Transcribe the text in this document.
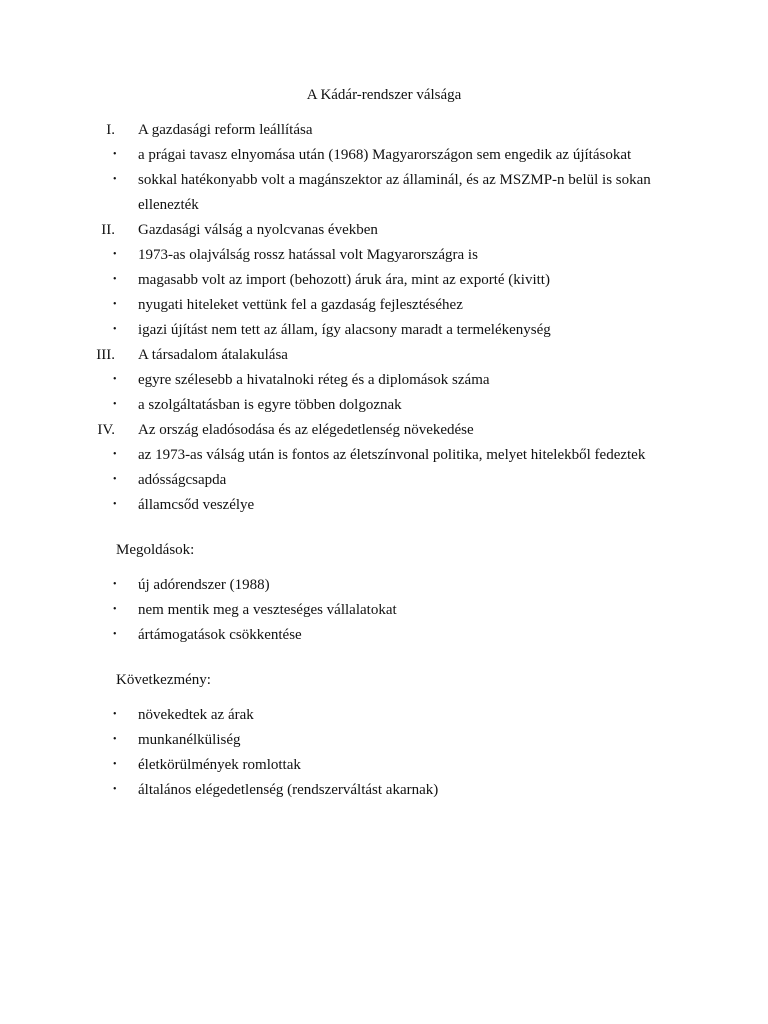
A Kádár-rendszer válsága
I. A gazdasági reform leállítása
• a prágai tavasz elnyomása után (1968) Magyarországon sem engedik az újításokat
• sokkal hatékonyabb volt a magánszektor az államinál, és az MSZMP-n belül is sokan
ellenezték
II. Gazdasági válság a nyolcvanas években
• 1973-as olajválság rossz hatással volt Magyarországra is
• magasabb volt az import (behozott) áruk ára, mint az exporté (kivitt)
• nyugati hiteleket vettünk fel a gazdaság fejlesztéséhez
• igazi újítást nem tett az állam, így alacsony maradt a termelékenység
III. A társadalom átalakulása
• egyre szélesebb a hivatalnoki réteg és a diplomások száma
• a szolgáltatásban is egyre többen dolgoznak
IV. Az ország eladósodása és az elégedetlenség növekedése
• az 1973-as válság után is fontos az életszínvonal politika, melyet hitelekből fedeztek
• adósságcsapda
• államcsőd veszélye
Megoldások:
• új adórendszer (1988)
• nem mentik meg a veszteséges vállalatokat
• ártámogatások csökkentése
Következmény:
• növekedtek az árak
• munkanélküliség
• életkörülmények romlottak
• általános elégedetlenség (rendszerváltást akarnak)
